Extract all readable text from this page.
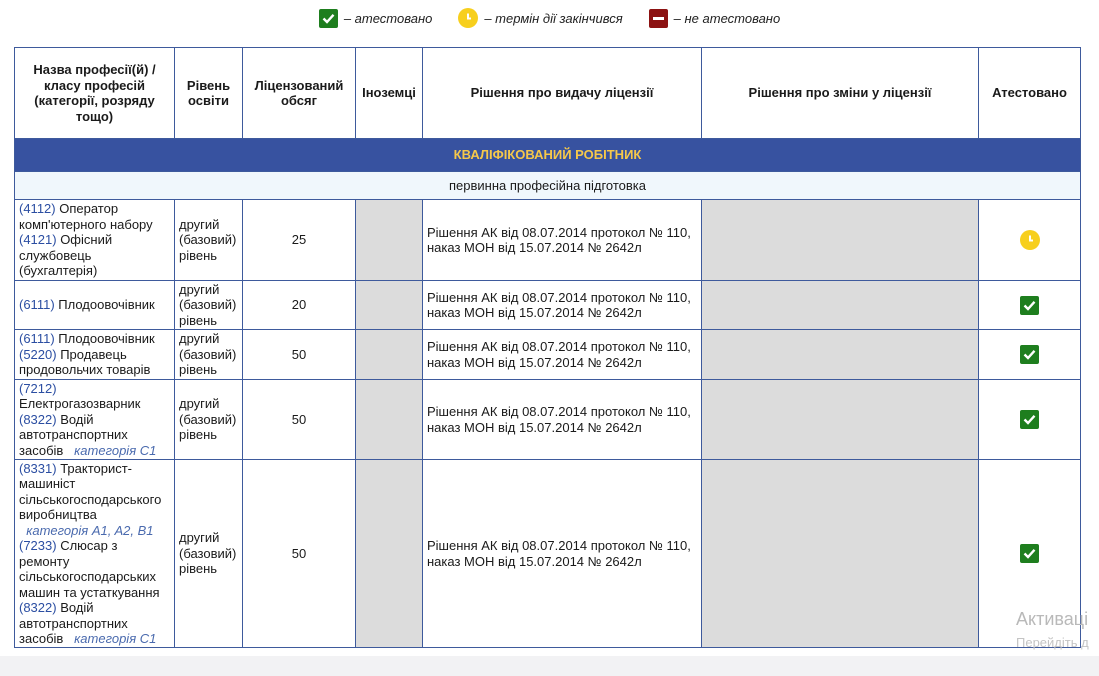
– атестовано	– термін дії закінчився	– не атестовано
Назва професії(й) / класу професій (категорії, розряду тощо)	Рівень освіти	Ліцензований обсяг	Іноземці	Рішення про видачу ліцензії	Рішення про зміни у ліцензії	Атестовано
КВАЛІФІКОВАНИЙ РОБІТНИК						
первинна професійна підготовка						
(4112) Оператор комп'ютерного набору
(4121) Офісний службовець (бухгалтерія)	другий (базовий) рівень	25		Рішення АК від 08.07.2014 протокол № 110, наказ МОН від 15.07.2014 № 2642л		

(6111) Плодоовочівник	другий (базовий) рівень	20		Рішення АК від 08.07.2014 протокол № 110, наказ МОН від 15.07.2014 № 2642л		

(6111) Плодоовочівник
(5220) Продавець продовольчих товарів	другий (базовий) рівень	50		Рішення АК від 08.07.2014 протокол № 110, наказ МОН від 15.07.2014 № 2642л		

(7212) Електрогазозварник
(8322) Водій автотранспортних засобів категорія C1	другий (базовий) рівень	50		Рішення АК від 08.07.2014 протокол № 110, наказ МОН від 15.07.2014 № 2642л		

(8331) Тракторист-машиніст сільськогосподарського виробництва
категорія A1, A2, B1
(7233) Слюсар з ремонту сільськогосподарських машин та устаткування
(8322) Водій автотранспортних засобів категорія C1	другий (базовий) рівень	50		Рішення АК від 08.07.2014 протокол № 110, наказ МОН від 15.07.2014 № 2642л		
Активаці
Перейдіть д
